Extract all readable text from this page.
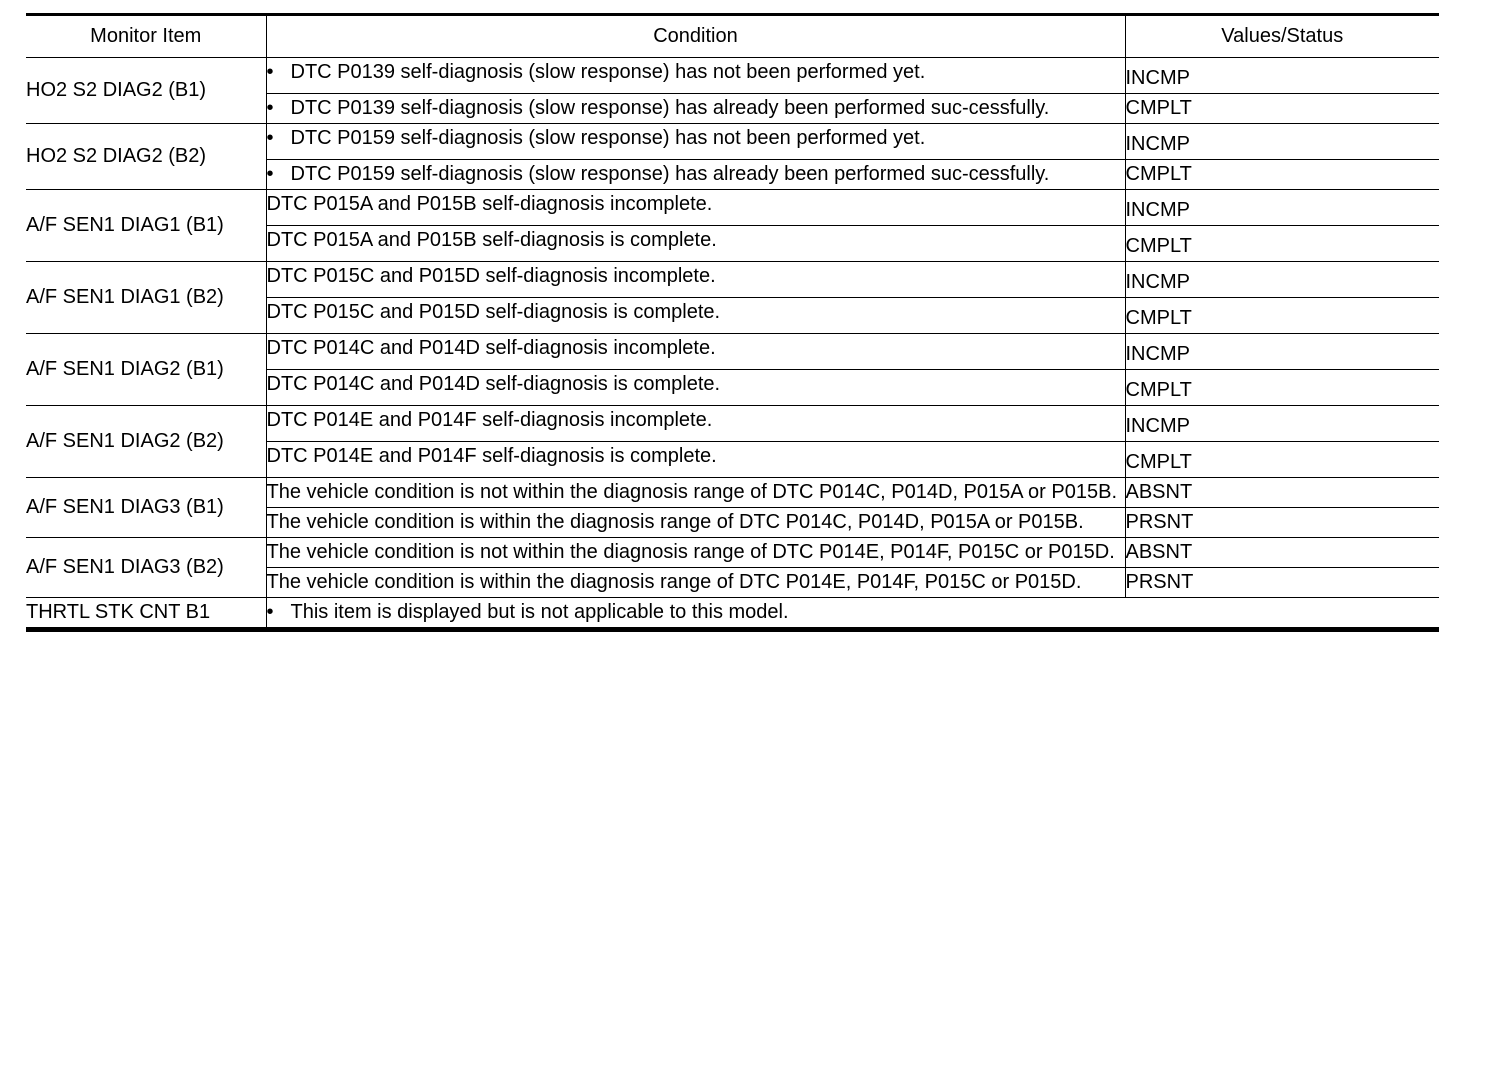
Monitor Item	Condition	Values/Status

HO2 S2 DIAG2 (B1)	• DTC P0139 self-diagnosis (slow response) has not been performed yet.	INCMP

	• DTC P0139 self-diagnosis (slow response) has already been performed suc-cessfully.	CMPLT

HO2 S2 DIAG2 (B2)	• DTC P0159 self-diagnosis (slow response) has not been performed yet.	INCMP

	• DTC P0159 self-diagnosis (slow response) has already been performed suc-cessfully.	CMPLT

A/F SEN1 DIAG1 (B1)	DTC P015A and P015B self-diagnosis incomplete.	INCMP
	DTC P015A and P015B self-diagnosis is complete.	CMPLT

A/F SEN1 DIAG1 (B2)	DTC P015C and P015D self-diagnosis incomplete.	INCMP
	DTC P015C and P015D self-diagnosis is complete.	CMPLT

A/F SEN1 DIAG2 (B1)	DTC P014C and P014D self-diagnosis incomplete.	INCMP
	DTC P014C and P014D self-diagnosis is complete.	CMPLT

A/F SEN1 DIAG2 (B2)	DTC P014E and P014F self-diagnosis incomplete.	INCMP
	DTC P014E and P014F self-diagnosis is complete.	CMPLT

A/F SEN1 DIAG3 (B1)	The vehicle condition is not within the diagnosis range of DTC P014C, P014D, P015A or P015B.	ABSNT
	The vehicle condition is within the diagnosis range of DTC P014C, P014D, P015A or P015B.	PRSNT

A/F SEN1 DIAG3 (B2)	The vehicle condition is not within the diagnosis range of DTC P014E, P014F, P015C or P015D.	ABSNT
	The vehicle condition is within the diagnosis range of DTC P014E, P014F, P015C or P015D.	PRSNT
THRTL STK CNT B1	• This item is displayed but is not applicable to this model.	
